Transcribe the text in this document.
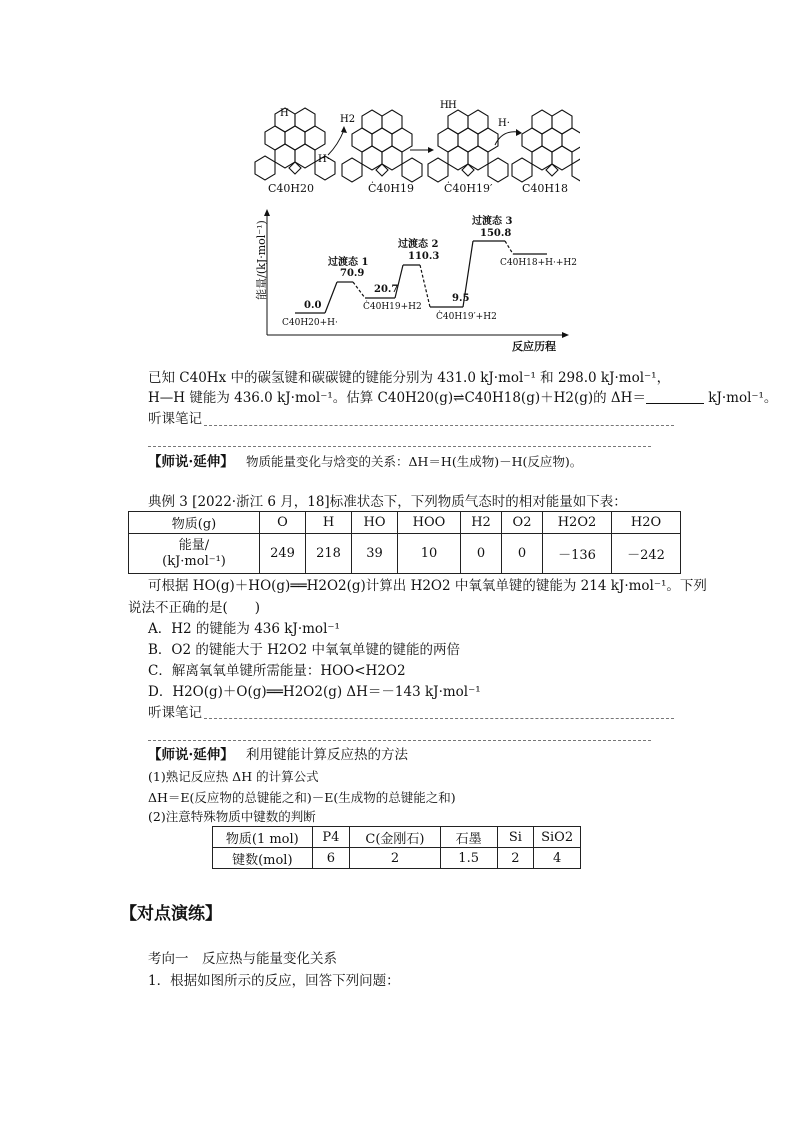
H
H2
H·
H H
H·
C40H20	Ċ40H19	Ċ40H19′	C40H18
能量/(kJ·mol⁻¹)
反应历程
0.0
C40H20+H·
过渡态 1
70.9
20.7
Ċ40H19+H2
过渡态 2
110.3
9.5
Ċ40H19′+H2
过渡态 3
150.8
C40H18+H·+H2
已知 C40Hx 中的碳氢键和碳碳键的键能分别为 431.0 kJ·mol⁻¹ 和 298.0 kJ·mol⁻¹，
H—H 键能为 436.0 kJ·mol⁻¹。估算 C40H20(g)⇌C40H18(g)＋H2(g)的 ΔH＝	kJ·mol⁻¹。
听课笔记
【师说·延伸】 物质能量变化与焓变的关系：ΔH＝H(生成物)－H(反应物)。
典例 3 [2022·浙江 6 月，18]标准状态下，下列物质气态时的相对能量如下表：
物质(g)	O	H	HO	HOO	H2	O2	H2O2	H2O
能量/
(kJ·mol⁻¹)	249	218	39	10	0	0	－136	－242
可根据 HO(g)＋HO(g)══H2O2(g)计算出 H2O2 中氧氧单键的键能为 214 kJ·mol⁻¹。下列
说法不正确的是(　　)
A．H2 的键能为 436 kJ·mol⁻¹
B．O2 的键能大于 H2O2 中氧氧单键的键能的两倍
C．解离氧氧单键所需能量：HOO<H2O2
D．H2O(g)＋O(g)══H2O2(g) ΔH＝－143 kJ·mol⁻¹
听课笔记
【师说·延伸】 利用键能计算反应热的方法
(1)熟记反应热 ΔH 的计算公式
ΔH＝E(反应物的总键能之和)－E(生成物的总键能之和)
(2)注意特殊物质中键数的判断
物质(1 mol)	P4	C(金刚石)	石墨	Si	SiO2
键数(mol)	6	2	1.5	2	4
【对点演练】
考向一　反应热与能量变化关系
1．根据如图所示的反应，回答下列问题：
